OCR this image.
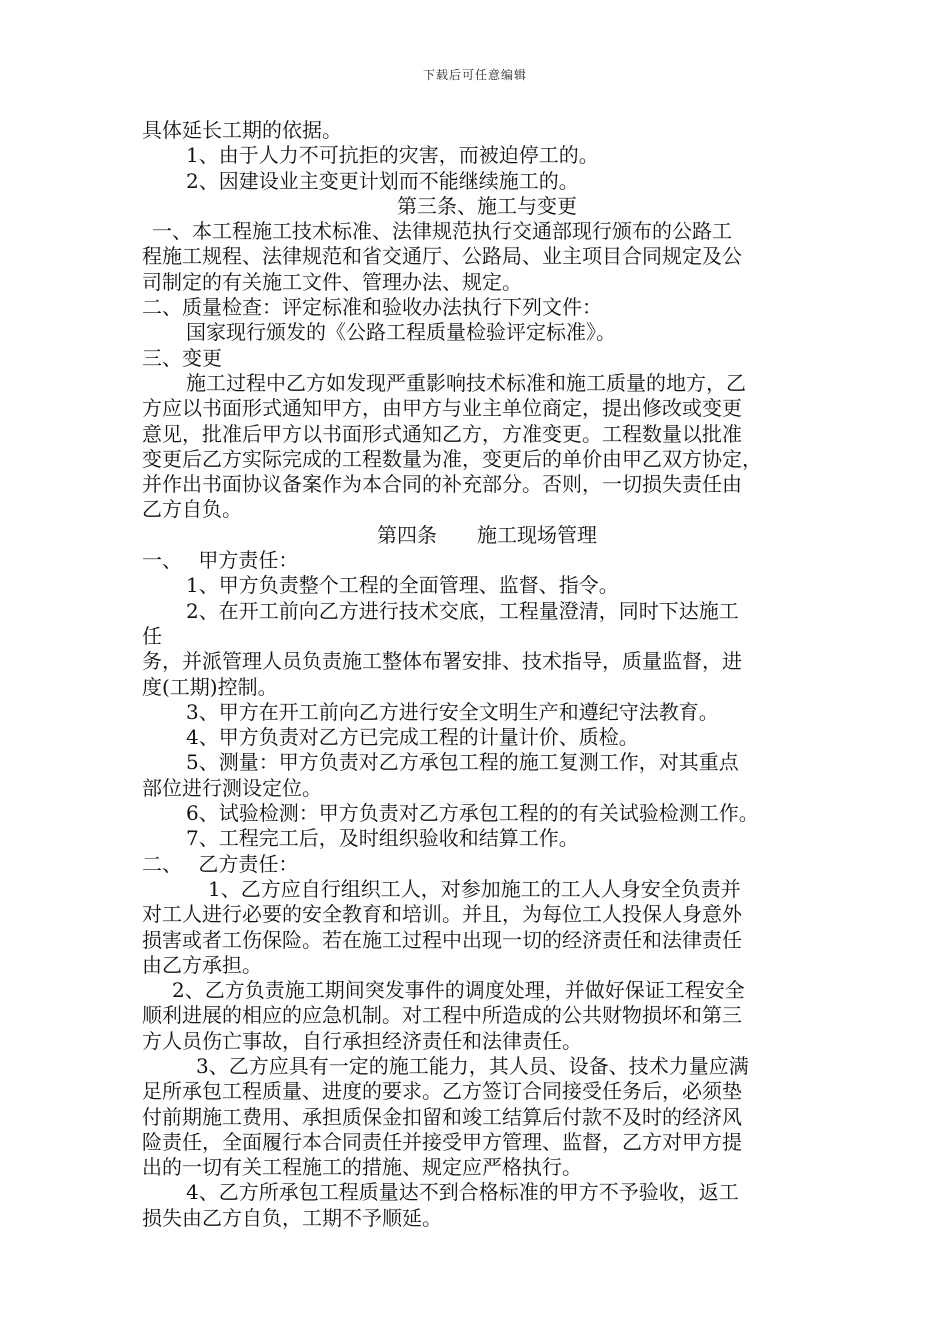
下载后可任意编辑
具体延长工期的依据。
1、由于人力不可抗拒的灾害，而被迫停工的。
2、因建设业主变更计划而不能继续施工的。
第三条、施工与变更
一、本工程施工技术标准、法律规范执行交通部现行颁布的公路工
程施工规程、法律规范和省交通厅、公路局、业主项目合同规定及公
司制定的有关施工文件、管理办法、规定。
二、质量检查：评定标准和验收办法执行下列文件：
国家现行颁发的《公路工程质量检验评定标准》。
三、变更
施工过程中乙方如发现严重影响技术标准和施工质量的地方，乙
方应以书面形式通知甲方，由甲方与业主单位商定，提出修改或变更
意见，批准后甲方以书面形式通知乙方，方准变更。工程数量以批准
变更后乙方实际完成的工程数量为准，变更后的单价由甲乙双方协定，
并作出书面协议备案作为本合同的补充部分。否则，一切损失责任由
乙方自负。
第四条　　施工现场管理
一、　 甲方责任：
1、甲方负责整个工程的全面管理、监督、指令。
2、在开工前向乙方进行技术交底，工程量澄清，同时下达施工
任
务，并派管理人员负责施工整体布署安排、技术指导，质量监督，进
度(工期)控制。
3、甲方在开工前向乙方进行安全文明生产和遵纪守法教育。
4、甲方负责对乙方已完成工程的计量计价、质检。
5、测量：甲方负责对乙方承包工程的施工复测工作，对其重点
部位进行测设定位。
6、试验检测：甲方负责对乙方承包工程的的有关试验检测工作。
7、工程完工后，及时组织验收和结算工作。
二、　 乙方责任：
1、乙方应自行组织工人，对参加施工的工人人身安全负责并
对工人进行必要的安全教育和培训。并且，为每位工人投保人身意外
损害或者工伤保险。若在施工过程中出现一切的经济责任和法律责任
由乙方承担。
2、乙方负责施工期间突发事件的调度处理，并做好保证工程安全
顺利进展的相应的应急机制。对工程中所造成的公共财物损坏和第三
方人员伤亡事故，自行承担经济责任和法律责任。
3、乙方应具有一定的施工能力，其人员、设备、技术力量应满
足所承包工程质量、进度的要求。乙方签订合同接受任务后，必须垫
付前期施工费用、承担质保金扣留和竣工结算后付款不及时的经济风
险责任，全面履行本合同责任并接受甲方管理、监督，乙方对甲方提
出的一切有关工程施工的措施、规定应严格执行。
4、乙方所承包工程质量达不到合格标准的甲方不予验收，返工
损失由乙方自负，工期不予顺延。
